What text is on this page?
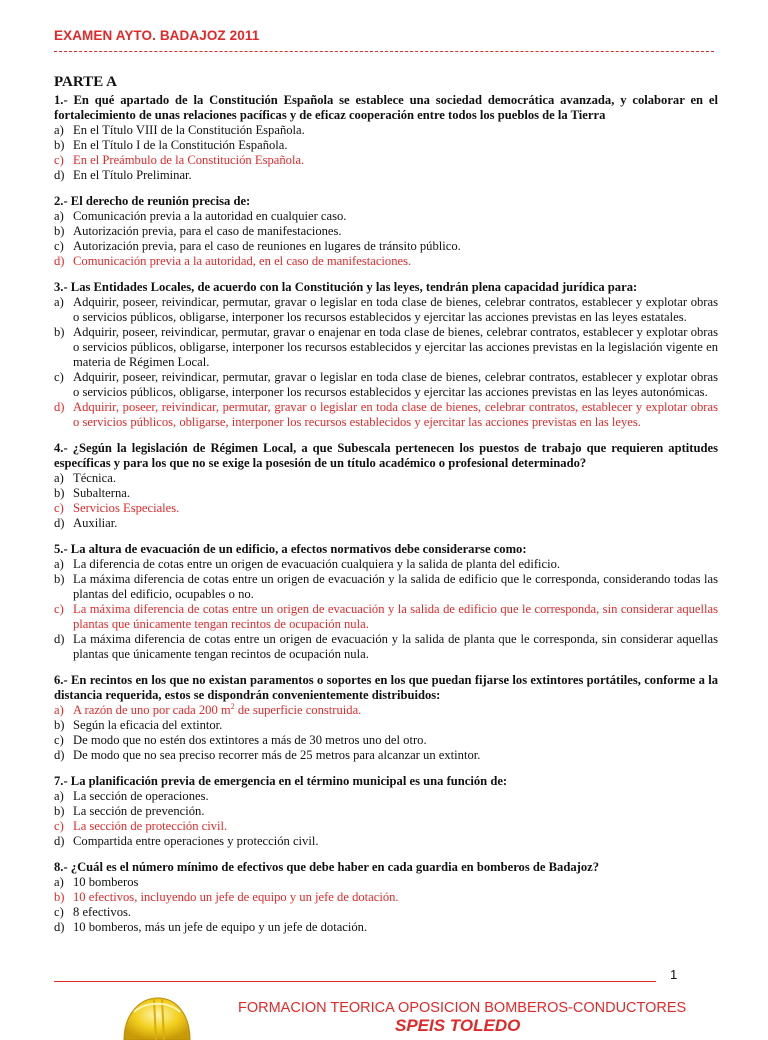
EXAMEN AYTO. BADAJOZ 2011
PARTE A
1.- En qué apartado de la Constitución Española se establece una sociedad democrática avanzada, y colaborar en el fortalecimiento de unas relaciones pacíficas y de eficaz cooperación entre todos los pueblos de la Tierra
a) En el Título VIII de la Constitución Española.
b) En el Título I de la Constitución Española.
c) En el Preámbulo de la Constitución Española.
d) En el Título Preliminar.
2.- El derecho de reunión precisa de:
a) Comunicación previa a la autoridad en cualquier caso.
b) Autorización previa, para el caso de manifestaciones.
c) Autorización previa, para el caso de reuniones en lugares de tránsito público.
d) Comunicación previa a la autoridad, en el caso de manifestaciones.
3.- Las Entidades Locales, de acuerdo con la Constitución y las leyes, tendrán plena capacidad jurídica para:
a) Adquirir, poseer, reivindicar, permutar, gravar o legislar en toda clase de bienes, celebrar contratos, establecer y explotar obras o servicios públicos, obligarse, interponer los recursos establecidos y ejercitar las acciones previstas en las leyes estatales.
b) Adquirir, poseer, reivindicar, permutar, gravar o enajenar en toda clase de bienes, celebrar contratos, establecer y explotar obras o servicios públicos, obligarse, interponer los recursos establecidos y ejercitar las acciones previstas en la legislación vigente en materia de Régimen Local.
c) Adquirir, poseer, reivindicar, permutar, gravar o legislar en toda clase de bienes, celebrar contratos, establecer y explotar obras o servicios públicos, obligarse, interponer los recursos establecidos y ejercitar las acciones previstas en las leyes autonómicas.
d) Adquirir, poseer, reivindicar, permutar, gravar o legislar en toda clase de bienes, celebrar contratos, establecer y explotar obras o servicios públicos, obligarse, interponer los recursos establecidos y ejercitar las acciones previstas en las leyes.
4.- ¿Según la legislación de Régimen Local, a que Subescala pertenecen los puestos de trabajo que requieren aptitudes específicas y para los que no se exige la posesión de un título académico o profesional determinado?
a) Técnica.
b) Subalterna.
c) Servicios Especiales.
d) Auxiliar.
5.- La altura de evacuación de un edificio, a efectos normativos debe considerarse como:
a) La diferencia de cotas entre un origen de evacuación cualquiera y la salida de planta del edificio.
b) La máxima diferencia de cotas entre un origen de evacuación y la salida de edificio que le corresponda, considerando todas las plantas del edificio, ocupables o no.
c) La máxima diferencia de cotas entre un origen de evacuación y la salida de edificio que le corresponda, sin considerar aquellas plantas que únicamente tengan recintos de ocupación nula.
d) La máxima diferencia de cotas entre un origen de evacuación y la salida de planta que le corresponda, sin considerar aquellas plantas que únicamente tengan recintos de ocupación nula.
6.- En recintos en los que no existan paramentos o soportes en los que puedan fijarse los extintores portátiles, conforme a la distancia requerida, estos se dispondrán convenientemente distribuidos:
a) A razón de uno por cada 200 $m^2$ de superficie construida.
b) Según la eficacia del extintor.
c) De modo que no estén dos extintores a más de 30 metros uno del otro.
d) De modo que no sea preciso recorrer más de 25 metros para alcanzar un extintor.
7.- La planificación previa de emergencia en el término municipal es una función de:
a) La sección de operaciones.
b) La sección de prevención.
c) La sección de protección civil.
d) Compartida entre operaciones y protección civil.
8.- ¿Cuál es el número mínimo de efectivos que debe haber en cada guardia en bomberos de Badajoz?
a) 10 bomberos
b) 10 efectivos, incluyendo un jefe de equipo y un jefe de dotación.
c) 8 efectivos.
d) 10 bomberos, más un jefe de equipo y un jefe de dotación.
1
FORMACION TEORICA OPOSICION BOMBEROS-CONDUCTORES
SPEIS TOLEDO
